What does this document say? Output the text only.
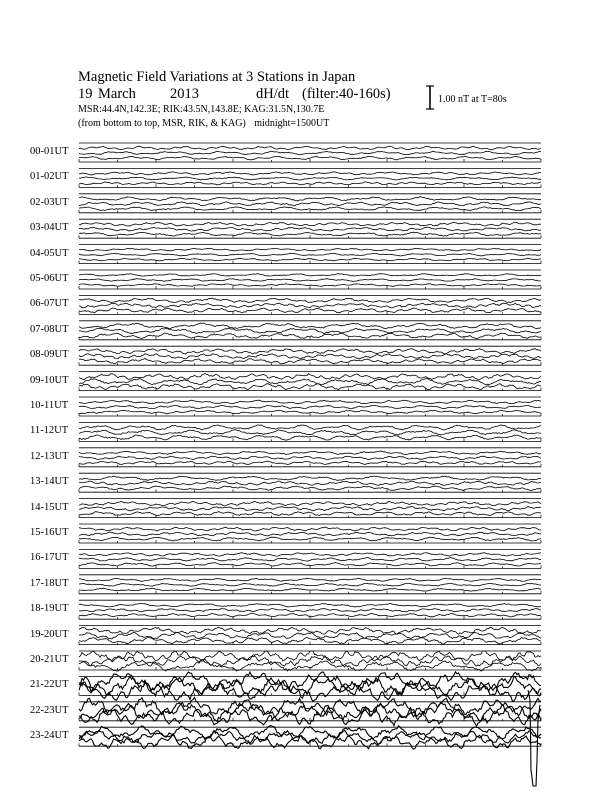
Magnetic Field Variations at 3 Stations in Japan
19 March 2013	dH/dt (filter:40-160s)
MSR:44.4N,142.3E; RIK:43.5N,143.8E; KAG:31.5N,130.7E
(from bottom to top, MSR, RIK, & KAG) midnight=1500UT
1.00 nT at T=80s
00-01UT
01-02UT
02-03UT
03-04UT
04-05UT
05-06UT
06-07UT
07-08UT
08-09UT
09-10UT
10-11UT
11-12UT
12-13UT
13-14UT
14-15UT
15-16UT
16-17UT
17-18UT
18-19UT
19-20UT
20-21UT
21-22UT
22-23UT
23-24UT
